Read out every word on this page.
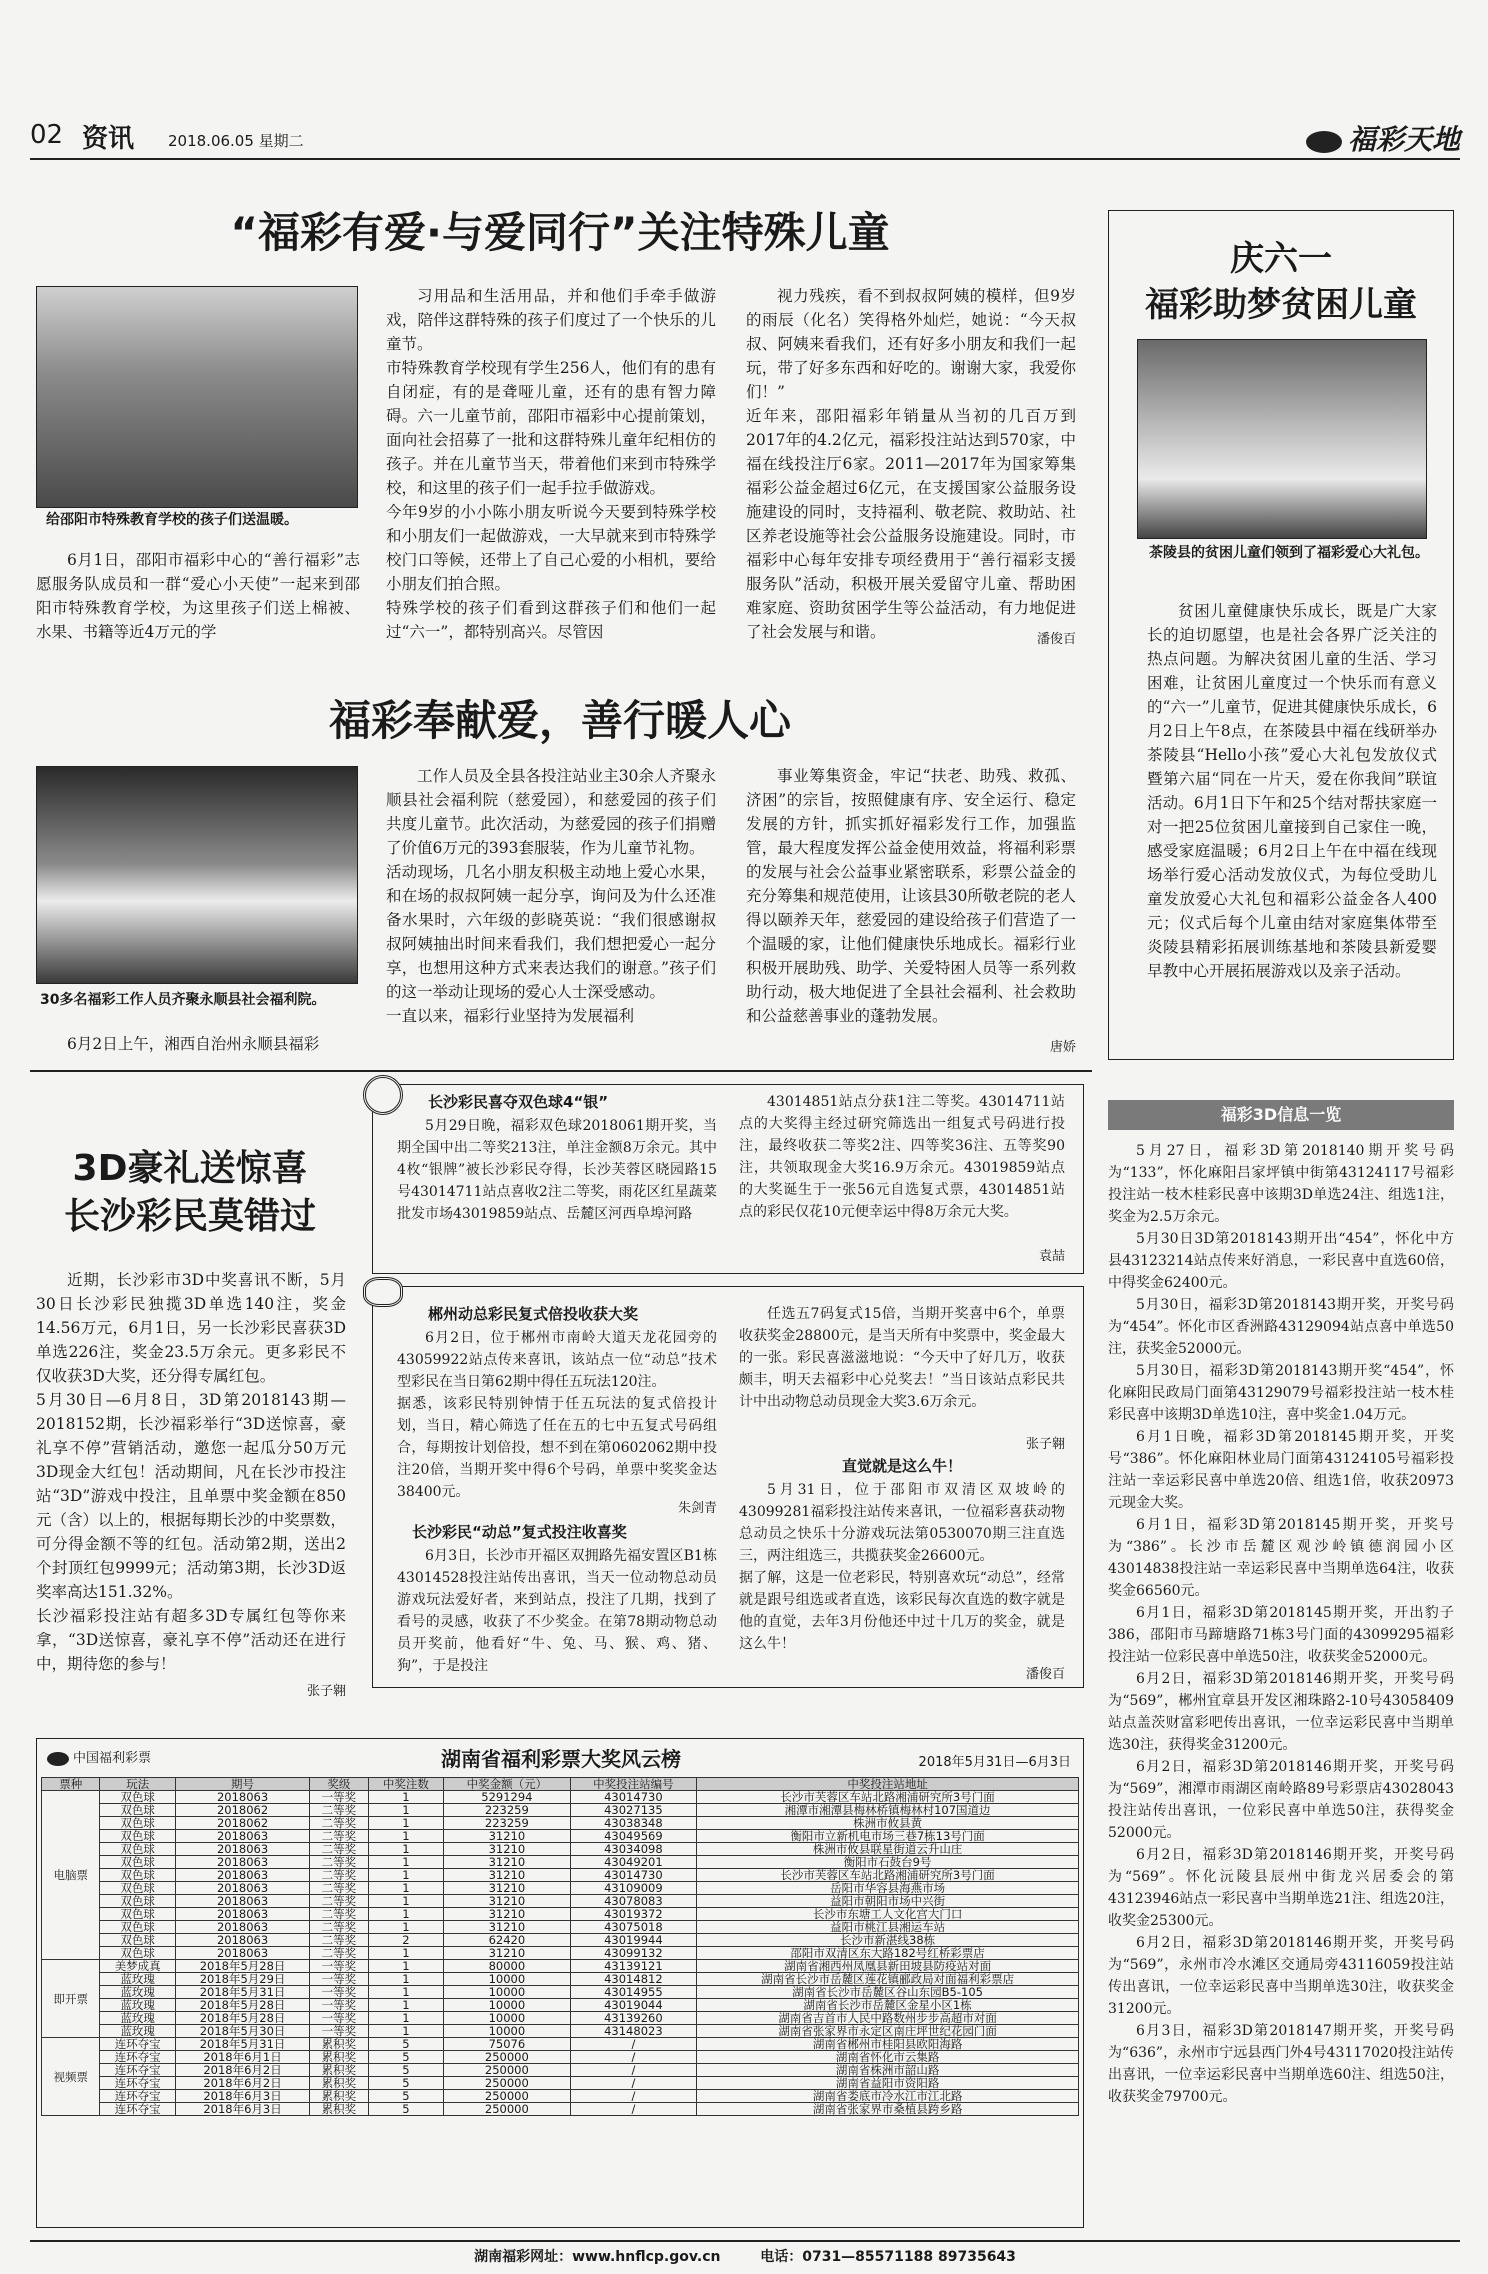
02 资讯 2018.06.05 星期二	福彩天地
“福彩有爱·与爱同行”关注特殊儿童
给邵阳市特殊教育学校的孩子们送温暖。
6月1日，邵阳市福彩中心的“善行福彩”志愿服务队成员和一群“爱心小天使”一起来到邵阳市特殊教育学校，为这里孩子们送上棉被、水果、书籍等近4万元的学
习用品和生活用品，并和他们手牵手做游戏，陪伴这群特殊的孩子们度过了一个快乐的儿童节。
市特殊教育学校现有学生256人，他们有的患有自闭症，有的是聋哑儿童，还有的患有智力障碍。六一儿童节前，邵阳市福彩中心提前策划，面向社会招募了一批和这群特殊儿童年纪相仿的孩子。并在儿童节当天，带着他们来到市特殊学校，和这里的孩子们一起手拉手做游戏。
今年9岁的小小陈小朋友听说今天要到特殊学校和小朋友们一起做游戏，一大早就来到市特殊学校门口等候，还带上了自己心爱的小相机，要给小朋友们拍合照。
特殊学校的孩子们看到这群孩子们和他们一起过“六一”，都特别高兴。尽管因
视力残疾，看不到叔叔阿姨的模样，但9岁的雨辰（化名）笑得格外灿烂，她说：“今天叔叔、阿姨来看我们，还有好多小朋友和我们一起玩，带了好多东西和好吃的。谢谢大家，我爱你们！”
近年来，邵阳福彩年销量从当初的几百万到2017年的4.2亿元，福彩投注站达到570家，中福在线投注厅6家。2011—2017年为国家筹集福彩公益金超过6亿元，在支援国家公益服务设施建设的同时，支持福利、敬老院、救助站、社区养老设施等社会公益服务设施建设。同时，市福彩中心每年安排专项经费用于“善行福彩支援服务队”活动，积极开展关爱留守儿童、帮助困难家庭、资助贫困学生等公益活动，有力地促进了社会发展与和谐。	潘俊百
庆六一
福彩助梦贫困儿童
茶陵县的贫困儿童们领到了福彩爱心大礼包。
贫困儿童健康快乐成长，既是广大家长的迫切愿望，也是社会各界广泛关注的热点问题。为解决贫困儿童的生活、学习困难，让贫困儿童度过一个快乐而有意义的“六一”儿童节，促进其健康快乐成长，6月2日上午8点，在茶陵县中福在线研举办茶陵县“Hello小孩”爱心大礼包发放仪式暨第六届“同在一片天，爱在你我间”联谊活动。6月1日下午和25个结对帮扶家庭一对一把25位贫困儿童接到自己家住一晚，感受家庭温暖；6月2日上午在中福在线现场举行爱心活动发放仪式，为每位受助儿童发放爱心大礼包和福彩公益金各人400元；仪式后每个儿童由结对家庭集体带至炎陵县精彩拓展训练基地和茶陵县新爱婴早教中心开展拓展游戏以及亲子活动。
福彩奉献爱，善行暖人心
30多名福彩工作人员齐聚永顺县社会福利院。
6月2日上午，湘西自治州永顺县福彩
工作人员及全县各投注站业主30余人齐聚永顺县社会福利院（慈爱园），和慈爱园的孩子们共度儿童节。此次活动，为慈爱园的孩子们捐赠了价值6万元的393套服装，作为儿童节礼物。
活动现场，几名小朋友积极主动地上爱心水果，和在场的叔叔阿姨一起分享，询问及为什么还准备水果时，六年级的彭晓英说：“我们很感谢叔叔阿姨抽出时间来看我们，我们想把爱心一起分享，也想用这种方式来表达我们的谢意。”孩子们的这一举动让现场的爱心人士深受感动。
一直以来，福彩行业坚持为发展福利
事业筹集资金，牢记“扶老、助残、救孤、济困”的宗旨，按照健康有序、安全运行、稳定发展的方针，抓实抓好福彩发行工作，加强监管，最大程度发挥公益金使用效益，将福利彩票的发展与社会公益事业紧密联系，彩票公益金的充分筹集和规范使用，让该县30所敬老院的老人得以颐养天年，慈爱园的建设给孩子们营造了一个温暖的家，让他们健康快乐地成长。福彩行业积极开展助残、助学、关爱特困人员等一系列救助行动，极大地促进了全县社会福利、社会救助和公益慈善事业的蓬勃发展。
唐娇
3D豪礼送惊喜
长沙彩民莫错过
近期，长沙彩市3D中奖喜讯不断，5月30日长沙彩民独揽3D单选140注，奖金14.56万元，6月1日，另一长沙彩民喜获3D单选226注，奖金23.5万余元。更多彩民不仅收获3D大奖，还分得专属红包。
5月30日—6月8日，3D第2018143期—2018152期，长沙福彩举行“3D送惊喜，豪礼享不停”营销活动，邀您一起瓜分50万元3D现金大红包！活动期间，凡在长沙市投注站“3D”游戏中投注，且单票中奖金额在850元（含）以上的，根据每期长沙的中奖票数，可分得金额不等的红包。活动第2期，送出2个封顶红包9999元；活动第3期，长沙3D返奖率高达151.32%。
长沙福彩投注站有超多3D专属红包等你来拿，“3D送惊喜，豪礼享不停”活动还在进行中，期待您的参与！
张子翱
长沙彩民喜夺双色球4“银”
5月29日晚，福彩双色球2018061期开奖，当期全国中出二等奖213注，单注金额8万余元。其中4枚“银牌”被长沙彩民夺得，长沙芙蓉区晓园路15号43014711站点喜收2注二等奖，雨花区红星蔬菜批发市场43019859站点、岳麓区河西阜埠河路
43014851站点分获1注二等奖。43014711站点的大奖得主经过研究筛选出一组复式号码进行投注，最终收获二等奖2注、四等奖36注、五等奖90注，共领取现金大奖16.9万余元。43019859站点的大奖诞生于一张56元自选复式票，43014851站点的彩民仅花10元便幸运中得8万余元大奖。
袁喆
郴州动总彩民复式倍投收获大奖
6月2日，位于郴州市南岭大道天龙花园旁的43059922站点传来喜讯，该站点一位“动总”技术型彩民在当日第62期中得任五玩法120注。
据悉，该彩民特别钟情于任五玩法的复式倍投计划，当日，精心筛选了任在五的七中五复式号码组合，每期按计划倍投，想不到在第0602062期中投注20倍，当期开奖中得6个号码，单票中奖奖金达38400元。
朱剑青
长沙彩民“动总”复式投注收喜奖
6月3日，长沙市开福区双拥路先福安置区B1栋43014528投注站传出喜讯，当天一位动物总动员游戏玩法爱好者，来到站点，投注了几期，找到了看号的灵感，收获了不少奖金。在第78期动物总动员开奖前，他看好“牛、兔、马、猴、鸡、猪、狗”，于是投注
任选五7码复式15倍，当期开奖喜中6个，单票收获奖金28800元，是当天所有中奖票中，奖金最大的一张。彩民喜滋滋地说：“今天中了好几万，收获颇丰，明天去福彩中心兑奖去！”当日该站点彩民共计中出动物总动员现金大奖3.6万余元。
张子翱
直觉就是这么牛！
5月31日，位于邵阳市双清区双坡岭的43099281福彩投注站传来喜讯，一位福彩喜获动物总动员之快乐十分游戏玩法第0530070期三注直选三，两注组选三，共揽获奖金26600元。
据了解，这是一位老彩民，特别喜欢玩“动总”，经常就是跟号组选或者直选，该彩民每次直选的数字就是他的直觉，去年3月份他还中过十几万的奖金，就是这么牛！
潘俊百
福彩3D信息一览
5月27日，福彩3D第2018140期开奖号码为“133”，怀化麻阳吕家坪镇中街第43124117号福彩投注站一枝木桂彩民喜中该期3D单选24注、组选1注，奖金为2.5万余元。
5月30日3D第2018143期开出“454”，怀化中方县43123214站点传来好消息，一彩民喜中直选60倍，中得奖金62400元。
5月30日，福彩3D第2018143期开奖，开奖号码为“454”。怀化市区香洲路43129094站点喜中单选50注，获奖金52000元。
5月30日，福彩3D第2018143期开奖“454”，怀化麻阳民政局门面第43129079号福彩投注站一枝木桂彩民喜中该期3D单选10注，喜中奖金1.04万元。
6月1日晚，福彩3D第2018145期开奖，开奖号“386”。怀化麻阳林业局门面第43124105号福彩投注站一幸运彩民喜中单选20倍、组选1倍，收获20973元现金大奖。
6月1日，福彩3D第2018145期开奖，开奖号为“386”。长沙市岳麓区观沙岭镇德润园小区43014838投注站一幸运彩民喜中当期单选64注，收获奖金66560元。
6月1日，福彩3D第2018145期开奖，开出豹子386，邵阳市马蹄塘路71栋3号门面的43099295福彩投注站一位彩民喜中单选50注，收获奖金52000元。
6月2日，福彩3D第2018146期开奖，开奖号码为“569”，郴州宜章县开发区湘珠路2-10号43058409站点盖茨财富彩吧传出喜讯，一位幸运彩民喜中当期单选30注，获得奖金31200元。
6月2日，福彩3D第2018146期开奖，开奖号码为“569”，湘潭市雨湖区南岭路89号彩票店43028043投注站传出喜讯，一位彩民喜中单选50注，获得奖金52000元。
6月2日，福彩3D第2018146期开奖，开奖号码为“569”。怀化沅陵县辰州中街龙兴居委会的第43123946站点一彩民喜中当期单选21注、组选20注，收奖金25300元。
6月2日，福彩3D第2018146期开奖，开奖号码为“569”，永州市冷水滩区交通局旁43116059投注站传出喜讯，一位幸运彩民喜中当期单选30注，收获奖金31200元。
6月3日，福彩3D第2018147期开奖，开奖号码为“636”，永州市宁远县西门外4号43117020投注站传出喜讯，一位幸运彩民喜中当期单选60注、组选50注，收获奖金79700元。
中国福利彩票	湖南省福利彩票大奖风云榜	2018年5月31日—6月3日
票种	玩法	期号	奖级	中奖注数	中奖金额（元）	中奖投注站编号	中奖投注站地址
电脑票	双色球	2018063	一等奖	1	5291294	43014730	长沙市芙蓉区车站北路湘浦研究所3号门面
	双色球	2018062	二等奖	1	223259	43027135	湘潭市湘潭县梅林桥镇梅林村107国道边
	双色球	2018062	二等奖	1	223259	43038348	株洲市攸县黄
	双色球	2018063	二等奖	1	31210	43049569	衡阳市立新机电市场三巷7栋13号门面
	双色球	2018063	二等奖	1	31210	43034098	株洲市攸县联星街道云升山庄
	双色球	2018063	二等奖	1	31210	43049201	衡阳市石鼓台9号
	双色球	2018063	二等奖	1	31210	43014730	长沙市芙蓉区车站北路湘浦研究所3号门面
	双色球	2018063	二等奖	1	31210	43109009	岳阳市华容县海燕市场
	双色球	2018063	二等奖	1	31210	43078083	益阳市朝阳市场中兴街
	双色球	2018063	二等奖	1	31210	43019372	长沙市东塘工人文化宫大门口
	双色球	2018063	二等奖	1	31210	43075018	益阳市桃江县湘运车站
	双色球	2018063	二等奖	2	62420	43019944	长沙市新湛线38栋
	双色球	2018063	二等奖	1	31210	43099132	邵阳市双清区东大路182号红桥彩票店
即开票	美梦成真	2018年5月28日	一等奖	1	80000	43139121	湖南省湘西州凤凰县新田坡县防疫站对面
	蓝玫瑰	2018年5月29日	一等奖	1	10000	43014812	湖南省长沙市岳麓区莲花镇郦政局对面福利彩票店
	蓝玫瑰	2018年5月31日	一等奖	1	10000	43014955	湖南省长沙市岳麓区谷山东园B5-105
	蓝玫瑰	2018年5月28日	一等奖	1	10000	43019044	湖南省长沙市岳麓区金星小区1栋
	蓝玫瑰	2018年5月28日	一等奖	1	10000	43139260	湖南省吉首市人民中路数州步步高超市对面
	蓝玫瑰	2018年5月30日	一等奖	1	10000	43148023	湖南省张家界市永定区南庄坪世纪花园门面
视频票	连环夺宝	2018年5月31日	累积奖	5	75076	/	湖南省郴州市桂阳县欧阳海路
	连环夺宝	2018年6月1日	累积奖	5	250000	/	湖南省怀化市云集路
	连环夺宝	2018年6月2日	累积奖	5	250000	/	湖南省株洲市韶山路
	连环夺宝	2018年6月2日	累积奖	5	250000	/	湖南省益阳市资阳路
	连环夺宝	2018年6月3日	累积奖	5	250000	/	湖南省娄底市冷水江市江北路
	连环夺宝	2018年6月3日	累积奖	5	250000	/	湖南省张家界市桑植县跨乡路
湖南福彩网址：www.hnflcp.gov.cn	电话：0731—85571188 89735643
